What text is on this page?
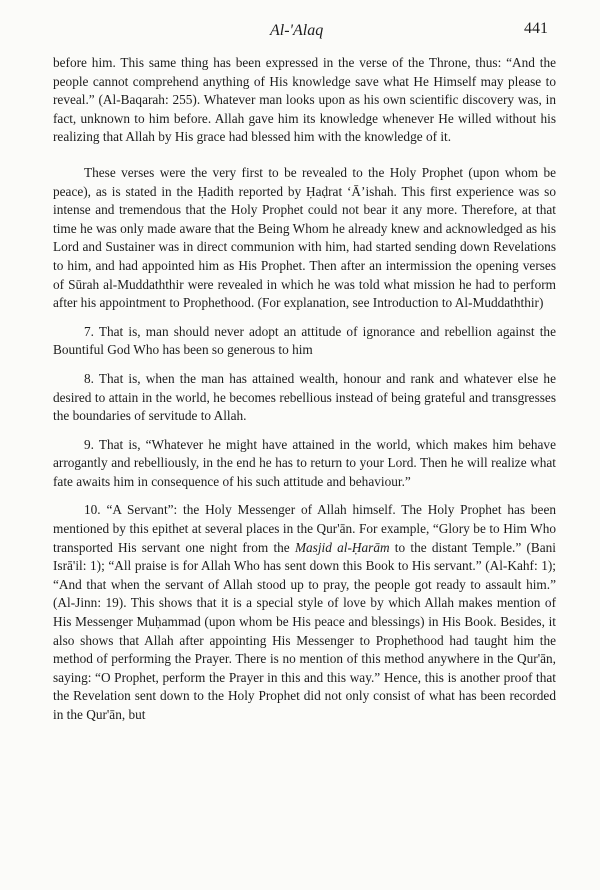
Al-'Alaq	441

before him. This same thing has been expressed in the verse of the Throne, thus: “And the people cannot comprehend anything of His knowledge save what He Himself may please to reveal.” (Al-Baqarah: 255). Whatever man looks upon as his own scientific discovery was, in fact, unknown to him before. Allah gave him its knowledge whenever He willed without his realizing that Allah by His grace had blessed him with the knowledge of it.

These verses were the very first to be revealed to the Holy Prophet (upon whom be peace), as is stated in the Ḥadith reported by Ḥaḍrat ‘Ā’ishah. This first experience was so intense and tremendous that the Holy Prophet could not bear it any more. Therefore, at that time he was only made aware that the Being Whom he already knew and acknowledged as his Lord and Sustainer was in direct communion with him, had started sending down Revelations to him, and had appointed him as His Prophet. Then after an intermission the opening verses of Sūrah al-Muddaththir were revealed in which he was told what mission he had to perform after his appointment to Prophethood. (For explanation, see Introduction to Al-Muddaththir)

7. That is, man should never adopt an attitude of ignorance and rebellion against the Bountiful God Who has been so generous to him

8. That is, when the man has attained wealth, honour and rank and whatever else he desired to attain in the world, he becomes rebellious instead of being grateful and transgresses the boundaries of servitude to Allah.

9. That is, “Whatever he might have attained in the world, which makes him behave arrogantly and rebelliously, in the end he has to return to your Lord. Then he will realize what fate awaits him in consequence of his such attitude and behaviour.”

10. “A Servant”: the Holy Messenger of Allah himself. The Holy Prophet has been mentioned by this epithet at several places in the Qur'ān. For example, “Glory be to Him Who transported His servant one night from the Masjid al-Ḥarām to the distant Temple.” (Bani Isrā'il: 1); “All praise is for Allah Who has sent down this Book to His servant.” (Al-Kahf: 1); “And that when the servant of Allah stood up to pray, the people got ready to assault him.” (Al-Jinn: 19). This shows that it is a special style of love by which Allah makes mention of His Messenger Muḥammad (upon whom be His peace and blessings) in His Book. Besides, it also shows that Allah after appointing His Messenger to Prophethood had taught him the method of performing the Prayer. There is no mention of this method anywhere in the Qur'ān, saying: “O Prophet, perform the Prayer in this and this way.” Hence, this is another proof that the Revelation sent down to the Holy Prophet did not only consist of what has been recorded in the Qur'ān, but
